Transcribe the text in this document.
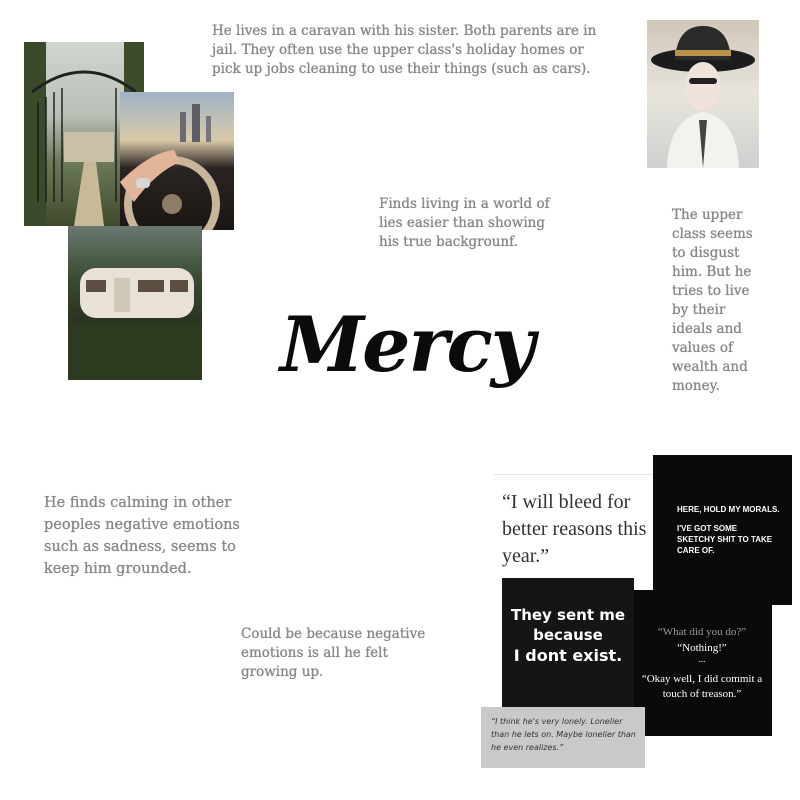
He lives in a caravan with his sister. Both parents are in jail. They often use the upper class's holiday homes or pick up jobs cleaning to use their things (such as cars).
Finds living in a world of lies easier than showing his true backgrounf.
The upper class seems to disgust him. But he tries to live by their ideals and values of wealth and money.
He finds calming in other peoples negative emotions such as sadness, seems to keep him grounded.
Could be because negative emotions is all he felt growing up.
Mercy
“I will bleed for better reasons this year.”
HERE, HOLD MY MORALS.
I'VE GOT SOME SKETCHY SHIT TO TAKE CARE OF.
“What did you do?”
“Nothing!”
...
“Okay well, I did commit a touch of treason.”
They sent me
because
I dont exist.
“I think he's very lonely. Lonelier than he lets on. Maybe lonelier than he even realizes.”
